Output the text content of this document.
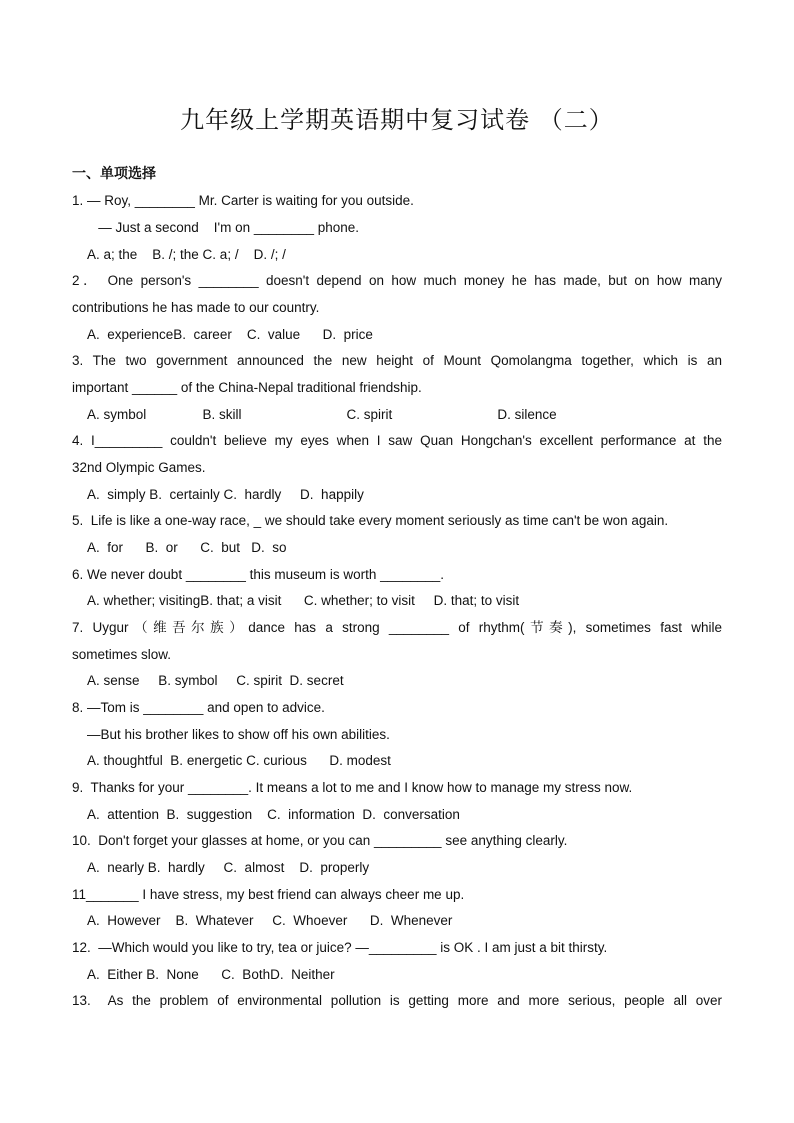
九年级上学期英语期中复习试卷 （二）
一、单项选择
1. — Roy, ________ Mr. Carter is waiting for you outside.
— Just a second    I'm on ________ phone.
A. a; the    B. /; the C. a; /    D. /; /
2． One person's ________ doesn't depend on how much money he has made, but on how many
contributions he has made to our country.
A.  experienceB.  career    C.  value      D.  price
3. The two government announced the new height of Mount Qomolangma together, which is an
important ______ of the China-Nepal traditional friendship.
A. symbol               B. skill                            C. spirit                            D. silence
4. I_________ couldn't believe my eyes when I saw Quan Hongchan's excellent performance at the
32nd Olympic Games.
A.  simply B.  certainly C.  hardly     D.  happily
5.  Life is like a one-way race, _ we should take every moment seriously as time can't be won again.
A.  for      B.  or      C.  but   D.  so
6. We never doubt ________ this museum is worth ________.
A. whether; visitingB. that; a visit      C. whether; to visit     D. that; to visit
7. Uygur（维吾尔族）dance has a strong ________ of rhythm(节奏), sometimes fast while
sometimes slow.
A. sense     B. symbol     C. spirit  D. secret
8. —Tom is ________ and open to advice.
—But his brother likes to show off his own abilities.
A. thoughtful  B. energetic C. curious      D. modest
9.  Thanks for your ________. It means a lot to me and I know how to manage my stress now.
A.  attention  B.  suggestion    C.  information  D.  conversation
10.  Don't forget your glasses at home, or you can _________ see anything clearly.
A.  nearly B.  hardly     C.  almost    D.  properly
11_______ I have stress, my best friend can always cheer me up.
A.  However    B.  Whatever     C.  Whoever      D.  Whenever
12.  —Which would you like to try, tea or juice? —_________ is OK . I am just a bit thirsty.
A.  Either B.  None      C.  BothD.  Neither
13.  As the problem of environmental pollution is getting more and more serious, people all over
